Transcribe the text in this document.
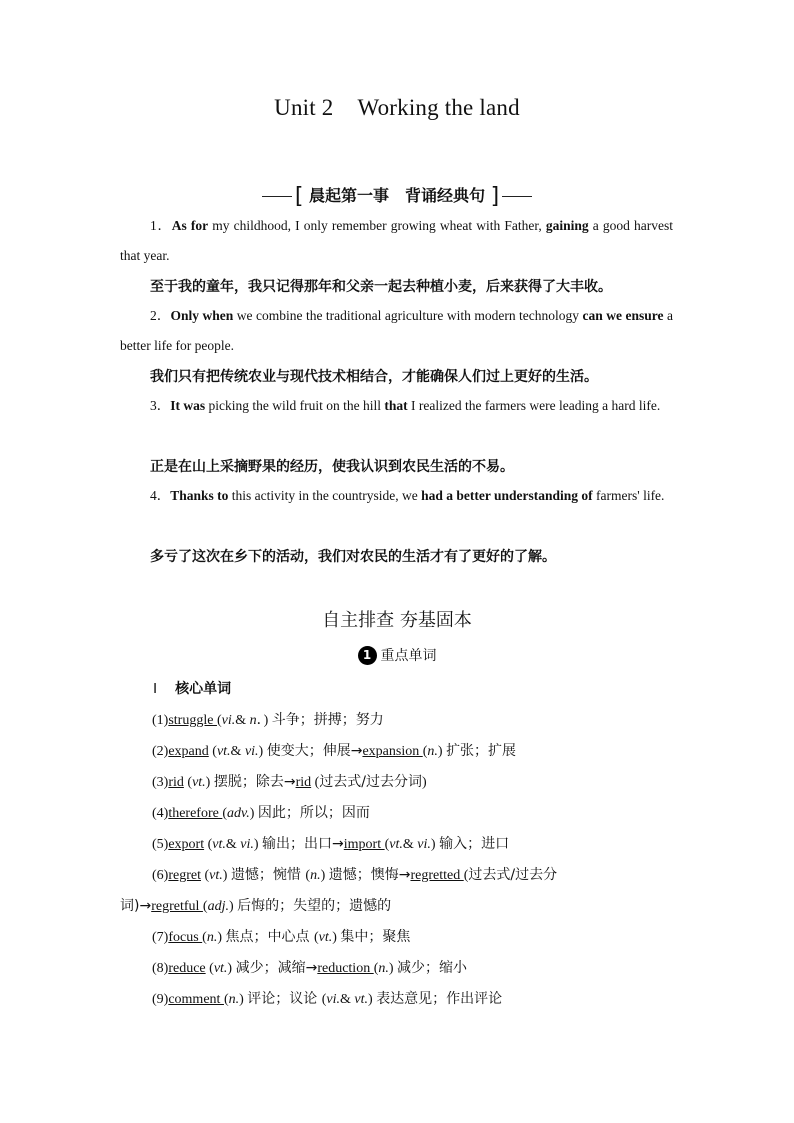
Unit 2 Working the land
[ 晨起第一事　背诵经典句 ]
1．As for my childhood, I only remember growing wheat with Father, gaining a good harvest that year.
至于我的童年，我只记得那年和父亲一起去种植小麦，后来获得了大丰收。
2．Only when we combine the traditional agriculture with modern technology can we ensure a better life for people.
我们只有把传统农业与现代技术相结合，才能确保人们过上更好的生活。
3．It was picking the wild fruit on the hill that I realized the farmers were leading a hard life.
正是在山上采摘野果的经历，使我认识到农民生活的不易。
4．Thanks to this activity in the countryside, we had a better understanding of farmers' life.
多亏了这次在乡下的活动，我们对农民的生活才有了更好的了解。
自主排查 夯基固本
1 重点单词
Ⅰ 核心单词
(1)struggle (vi.& n．) 斗争；拼搏；努力
(2)expand (vt.& vi.) 使变大；伸展→expansion (n.) 扩张；扩展
(3)rid (vt.) 摆脱；除去→rid (过去式/过去分词)
(4)therefore (adv.) 因此；所以；因而
(5)export (vt.& vi.) 输出；出口→import (vt.& vi.) 输入；进口
(6)regret (vt.) 遗憾；惋惜 (n.) 遗憾；懊悔→regretted (过去式/过去分
词)→regretful (adj.) 后悔的；失望的；遗憾的
(7)focus (n.) 焦点；中心点 (vt.) 集中；聚焦
(8)reduce (vt.) 减少；减缩→reduction (n.) 减少；缩小
(9)comment (n.) 评论；议论 (vi.& vt.) 表达意见；作出评论
